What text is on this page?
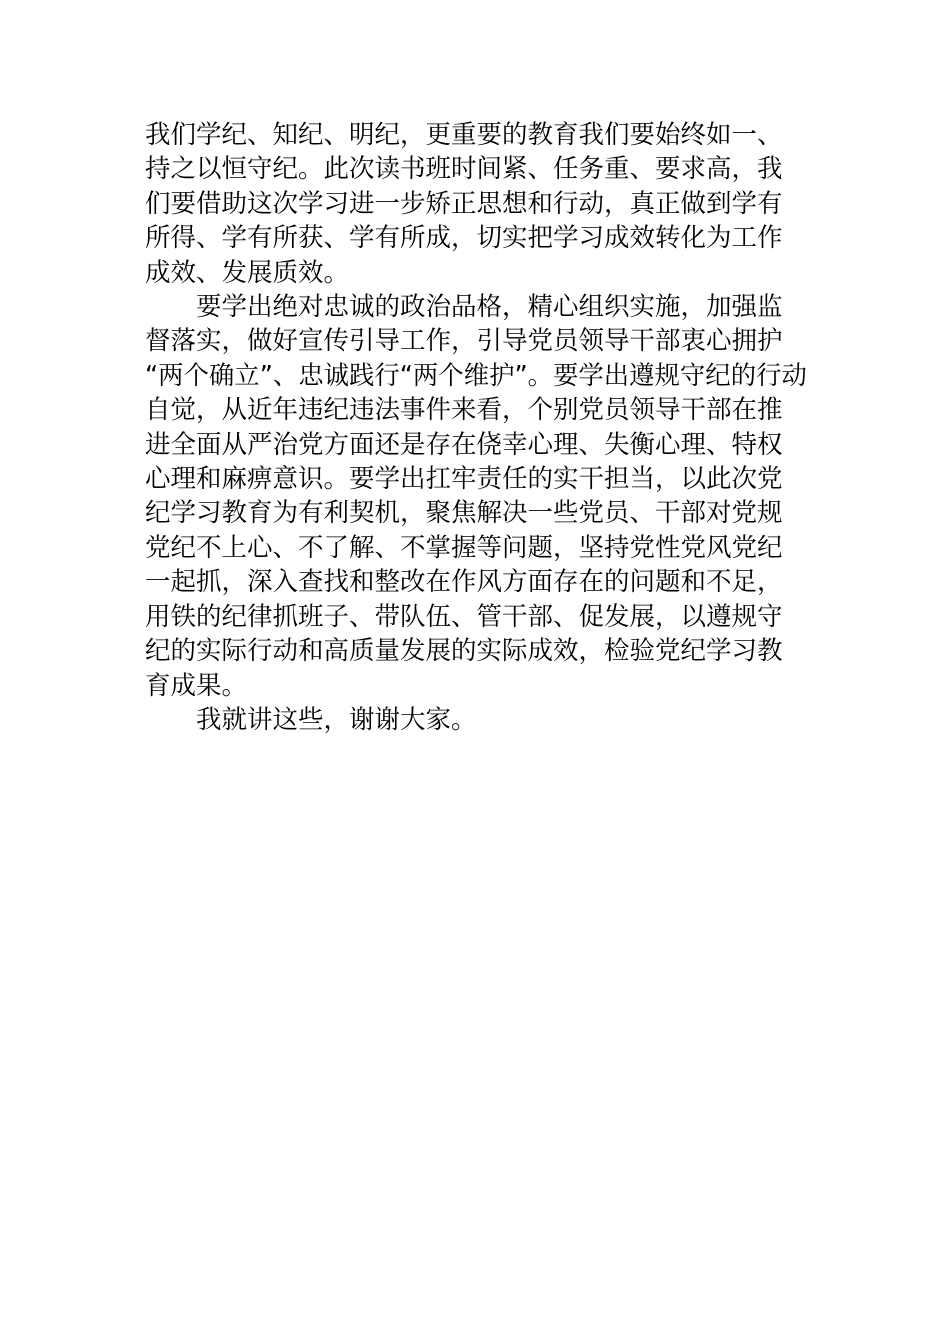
我们学纪、知纪、明纪，更重要的教育我们要始终如一、
持之以恒守纪。此次读书班时间紧、任务重、要求高，我
们要借助这次学习进一步矫正思想和行动，真正做到学有
所得、学有所获、学有所成，切实把学习成效转化为工作
成效、发展质效。
要学出绝对忠诚的政治品格，精心组织实施，加强监
督落实，做好宣传引导工作，引导党员领导干部衷心拥护
“两个确立”、忠诚践行“两个维护”。要学出遵规守纪的行动
自觉，从近年违纪违法事件来看，个别党员领导干部在推
进全面从严治党方面还是存在侥幸心理、失衡心理、特权
心理和麻痹意识。要学出扛牢责任的实干担当，以此次党
纪学习教育为有利契机，聚焦解决一些党员、干部对党规
党纪不上心、不了解、不掌握等问题，坚持党性党风党纪
一起抓，深入查找和整改在作风方面存在的问题和不足，
用铁的纪律抓班子、带队伍、管干部、促发展，以遵规守
纪的实际行动和高质量发展的实际成效，检验党纪学习教
育成果。
我就讲这些，谢谢大家。
